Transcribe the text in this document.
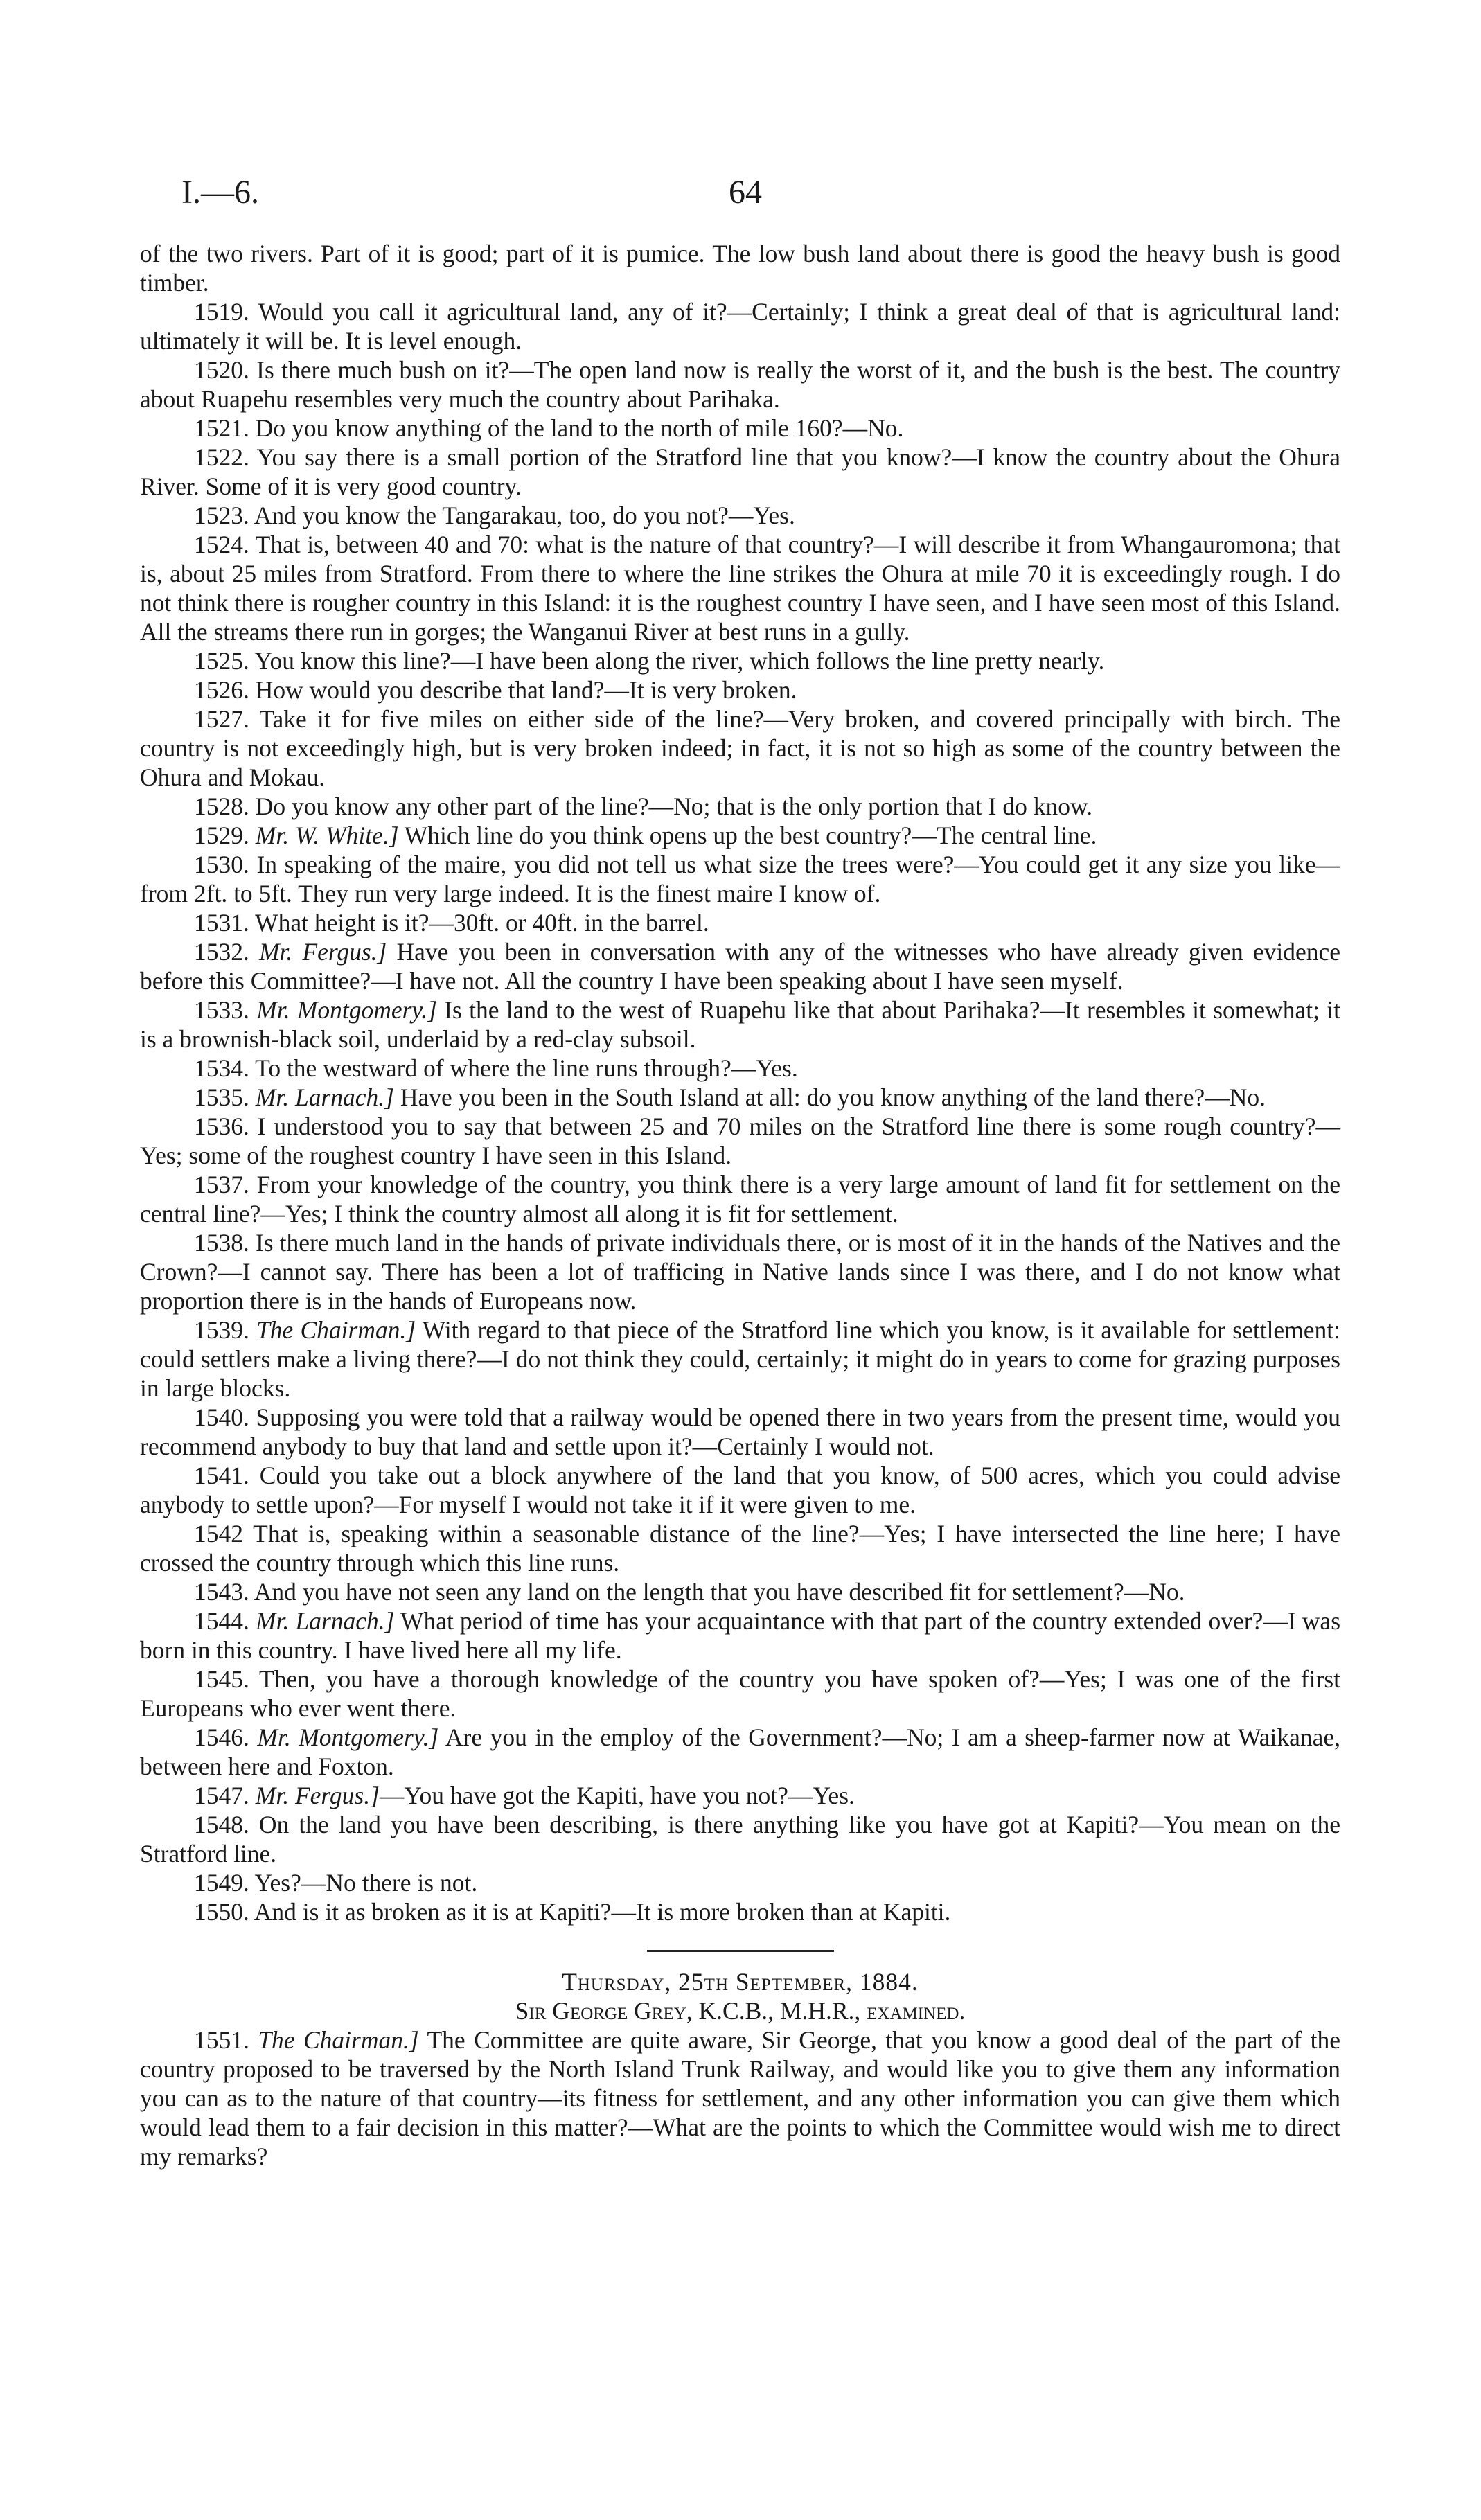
I.—6.	64

of the two rivers. Part of it is good; part of it is pumice. The low bush land about there is good the heavy bush is good timber.

1519. Would you call it agricultural land, any of it?—Certainly; I think a great deal of that is agricultural land: ultimately it will be. It is level enough.

1520. Is there much bush on it?—The open land now is really the worst of it, and the bush is the best. The country about Ruapehu resembles very much the country about Parihaka.

1521. Do you know anything of the land to the north of mile 160?—No.

1522. You say there is a small portion of the Stratford line that you know?—I know the country about the Ohura River. Some of it is very good country.

1523. And you know the Tangarakau, too, do you not?—Yes.

1524. That is, between 40 and 70: what is the nature of that country?—I will describe it from Whangauromona; that is, about 25 miles from Stratford. From there to where the line strikes the Ohura at mile 70 it is exceedingly rough. I do not think there is rougher country in this Island: it is the roughest country I have seen, and I have seen most of this Island. All the streams there run in gorges; the Wanganui River at best runs in a gully.

1525. You know this line?—I have been along the river, which follows the line pretty nearly.

1526. How would you describe that land?—It is very broken.

1527. Take it for five miles on either side of the line?—Very broken, and covered principally with birch. The country is not exceedingly high, but is very broken indeed; in fact, it is not so high as some of the country between the Ohura and Mokau.

1528. Do you know any other part of the line?—No; that is the only portion that I do know.

1529. Mr. W. White.] Which line do you think opens up the best country?—The central line.

1530. In speaking of the maire, you did not tell us what size the trees were?—You could get it any size you like—from 2ft. to 5ft. They run very large indeed. It is the finest maire I know of.

1531. What height is it?—30ft. or 40ft. in the barrel.

1532. Mr. Fergus.] Have you been in conversation with any of the witnesses who have already given evidence before this Committee?—I have not. All the country I have been speaking about I have seen myself.

1533. Mr. Montgomery.] Is the land to the west of Ruapehu like that about Parihaka?—It resembles it somewhat; it is a brownish-black soil, underlaid by a red-clay subsoil.

1534. To the westward of where the line runs through?—Yes.

1535. Mr. Larnach.] Have you been in the South Island at all: do you know anything of the land there?—No.

1536. I understood you to say that between 25 and 70 miles on the Stratford line there is some rough country?—Yes; some of the roughest country I have seen in this Island.

1537. From your knowledge of the country, you think there is a very large amount of land fit for settlement on the central line?—Yes; I think the country almost all along it is fit for settlement.

1538. Is there much land in the hands of private individuals there, or is most of it in the hands of the Natives and the Crown?—I cannot say. There has been a lot of trafficing in Native lands since I was there, and I do not know what proportion there is in the hands of Europeans now.

1539. The Chairman.] With regard to that piece of the Stratford line which you know, is it available for settlement: could settlers make a living there?—I do not think they could, certainly; it might do in years to come for grazing purposes in large blocks.

1540. Supposing you were told that a railway would be opened there in two years from the present time, would you recommend anybody to buy that land and settle upon it?—Certainly I would not.

1541. Could you take out a block anywhere of the land that you know, of 500 acres, which you could advise anybody to settle upon?—For myself I would not take it if it were given to me.

1542 That is, speaking within a seasonable distance of the line?—Yes; I have intersected the line here; I have crossed the country through which this line runs.

1543. And you have not seen any land on the length that you have described fit for settlement?—No.

1544. Mr. Larnach.] What period of time has your acquaintance with that part of the country extended over?—I was born in this country. I have lived here all my life.

1545. Then, you have a thorough knowledge of the country you have spoken of?—Yes; I was one of the first Europeans who ever went there.

1546. Mr. Montgomery.] Are you in the employ of the Government?—No; I am a sheep-farmer now at Waikanae, between here and Foxton.

1547. Mr. Fergus.]—You have got the Kapiti, have you not?—Yes.

1548. On the land you have been describing, is there anything like you have got at Kapiti?—You mean on the Stratford line.

1549. Yes?—No there is not.

1550. And is it as broken as it is at Kapiti?—It is more broken than at Kapiti.

Thursday, 25th September, 1884.

Sir George Grey, K.C.B., M.H.R., examined.

1551. The Chairman.] The Committee are quite aware, Sir George, that you know a good deal of the part of the country proposed to be traversed by the North Island Trunk Railway, and would like you to give them any information you can as to the nature of that country—its fitness for settlement, and any other information you can give them which would lead them to a fair decision in this matter?—What are the points to which the Committee would wish me to direct my remarks?
